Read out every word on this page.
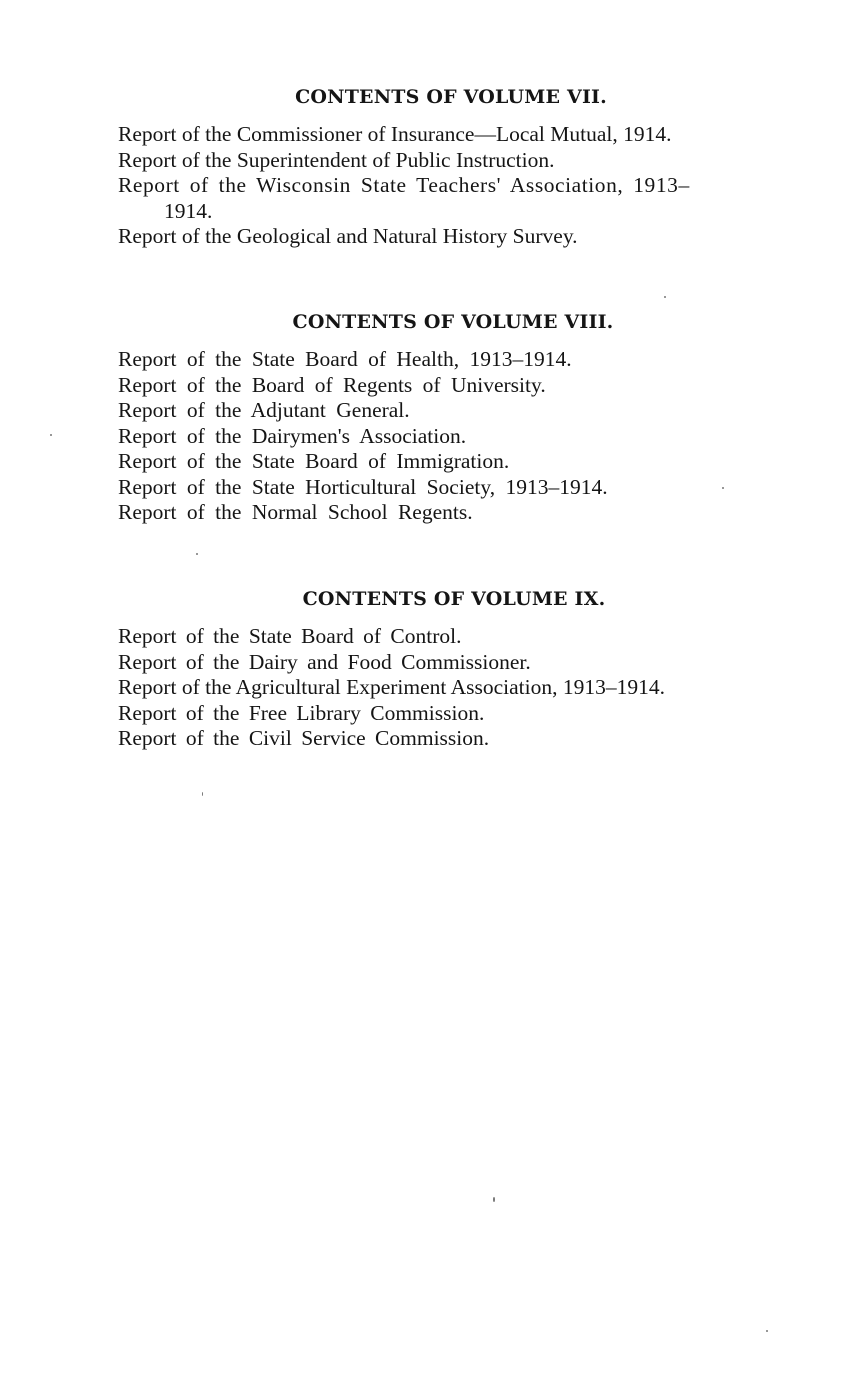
CONTENTS OF VOLUME VII.
Report of the Commissioner of Insurance—Local Mutual, 1914.
Report of the Superintendent of Public Instruction.
Report of the Wisconsin State Teachers' Association, 1913–
1914.
Report of the Geological and Natural History Survey.
CONTENTS OF VOLUME VIII.
Report of the State Board of Health, 1913–1914.
Report of the Board of Regents of University.
Report of the Adjutant General.
Report of the Dairymen's Association.
Report of the State Board of Immigration.
Report of the State Horticultural Society, 1913–1914.
Report of the Normal School Regents.
CONTENTS OF VOLUME IX.
Report of the State Board of Control.
Report of the Dairy and Food Commissioner.
Report of the Agricultural Experiment Association, 1913–1914.
Report of the Free Library Commission.
Report of the Civil Service Commission.
